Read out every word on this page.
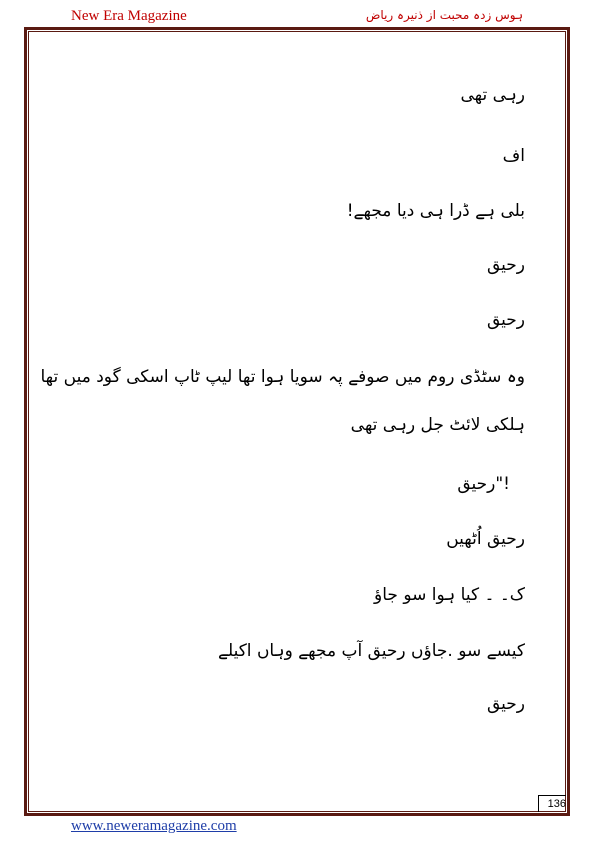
New Era Magazine	ہوس زدہ محبت از ذنیرہ ریاض
رہی تھی
اف
بلی ہے ڈرا ہی دیا مجھے!
رحیق
رحیق
وہ سٹڈی روم میں صوفے پہ سویا ہوا تھا لیپ ٹاپ اسکی گود میں تھا
ہلکی لائٹ جل رہی تھی
!"رحیق
رحیق اُٹھیں
ک۔ ۔ کیا ہوا سو جاؤ
کیسے سو .جاؤں رحیق آپ مجھے وہاں اکیلے
رحیق
136
www.neweramagazine.com
